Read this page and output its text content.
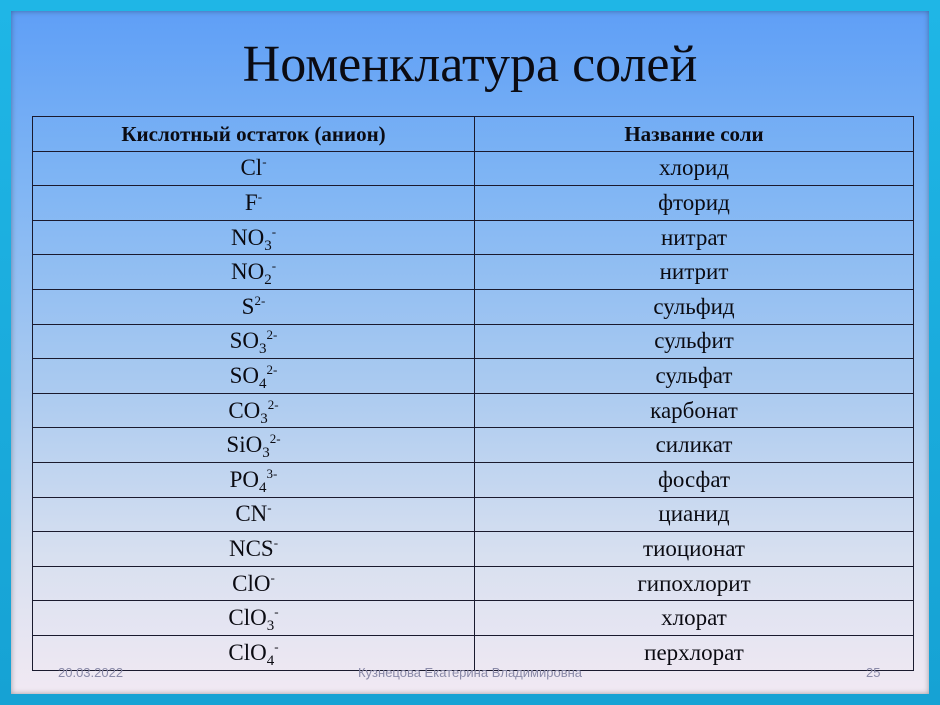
Номенклатура солей
Кислотный остаток (анион)	Название соли
Cl-	хлорид
F-	фторид
$NO_3^-$	нитрат
$NO_2^-$	нитрит
$S^{2-}$	сульфид
$SO_3^{2-}$	сульфит
$SO_4^{2-}$	сульфат
$CO_3^{2-}$	карбонат
SiO$_3^{2-}$	силикат
$PO_4^{3-}$	фосфат
CN-	цианид
NCS-	тиоционат
ClO-	гипохлорит
ClO$_3$-	хлорат
ClO$_4$-	перхлорат
20.03.2022	Кузнецова Екатерина Владимировна	25
